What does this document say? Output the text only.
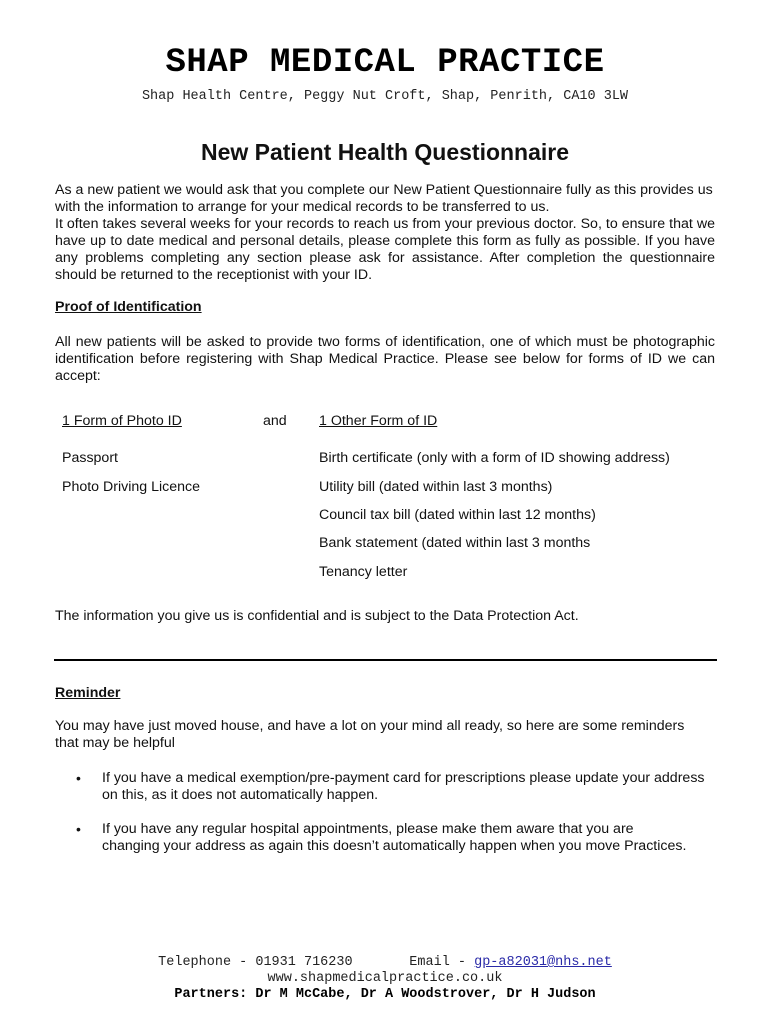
SHAP MEDICAL PRACTICE
Shap Health Centre, Peggy Nut Croft, Shap, Penrith, CA10 3LW
New Patient Health Questionnaire
As a new patient we would ask that you complete our New Patient Questionnaire fully as this provides us with the information to arrange for your medical records to be transferred to us.
It often takes several weeks for your records to reach us from your previous doctor. So, to ensure that we have up to date medical and personal details, please complete this form as fully as possible. If you have any problems completing any section please ask for assistance. After completion the questionnaire should be returned to the receptionist with your ID.
Proof of Identification
All new patients will be asked to provide two forms of identification, one of which must be photographic identification before registering with Shap Medical Practice. Please see below for forms of ID we can accept:
1 Form of Photo ID	and 1 Other Form of ID
Passport
Photo Driving Licence
Birth certificate (only with a form of ID showing address)
Utility bill (dated within last 3 months)
Council tax bill (dated within last 12 months)
Bank statement (dated within last 3 months
Tenancy letter
The information you give us is confidential and is subject to the Data Protection Act.
Reminder
You may have just moved house, and have a lot on your mind all ready, so here are some reminders that may be helpful
• If you have a medical exemption/pre-payment card for prescriptions please update your address on this, as it does not automatically happen.
• If you have any regular hospital appointments, please make them aware that you are changing your address as again this doesn’t automatically happen when you move Practices.
Telephone - 01931 716230	Email - gp-a82031@nhs.net
www.shapmedicalpractice.co.uk
Partners: Dr M McCabe, Dr A Woodstrover, Dr H Judson
